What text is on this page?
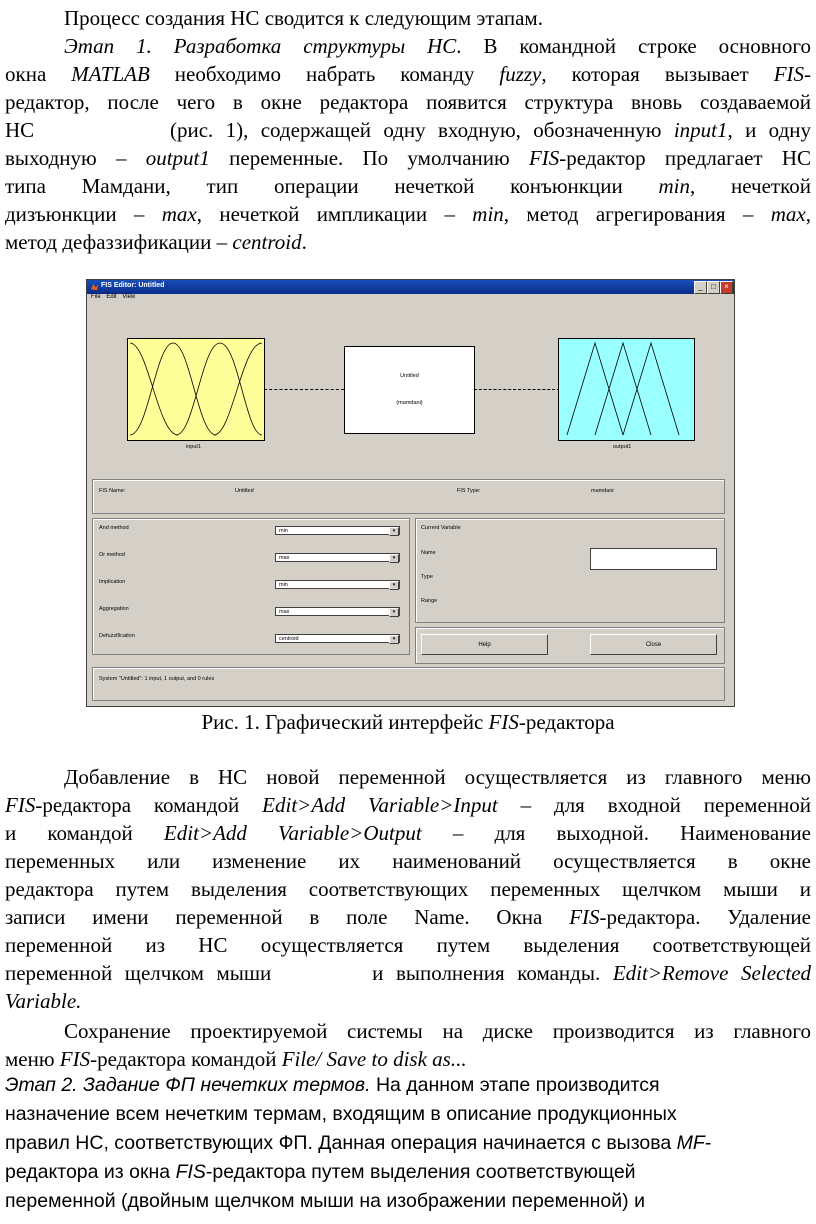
Процесс создания НС сводится к следующим этапам.

Этап 1. Разработка структуры НС. В командной строке основного

окна MATLAB необходимо набрать команду fuzzy, которая вызывает FIS-

редактор, после чего в окне редактора появится структура вновь создаваемой

НС           (рис. 1), содержащей одну входную, обозначенную input1, и одну

выходную – output1 переменные. По умолчанию FIS-редактор предлагает НС

типа Мамдани, тип операции нечеткой конъюнкции min, нечеткой

дизъюнкции – max, нечеткой импликации – min, метод агрегирования – max,

метод дефаззификации – centroid.

FIS Editor: Untitled	_	□	×
File Edit View
input1
Untitled
(mamdani)
output1
FIS Name:	Untitled	FIS Type:	mamdani
And method	min	▾
Or method	max	▾
Implication	min	▾
Aggregation	max	▾
Defuzzification	centroid	▾
Current Variable
Name
Type
Range
Help	Close
System "Untitled": 1 input, 1 output, and 0 rules
Рис. 1. Графический интерфейс FIS-редактора

Добавление в НС новой переменной осуществляется из главного меню

FIS-редактора командой Edit>Add Variable>Input – для входной переменной

и командой Edit>Add Variable>Output – для выходной. Наименование

переменных или изменение их наименований осуществляется в окне

редактора путем выделения соответствующих переменных щелчком мыши и

записи имени переменной в поле Name. Окна FIS-редактора. Удаление

переменной из НС осуществляется путем выделения соответствующей

переменной щелчком мыши        и выполнения команды. Edit>Remove Selected

Variable.

Сохранение проектируемой системы на диске производится из главного

меню FIS-редактора командой File/ Save to disk as...

Этап 2. Задание ФП нечетких термов. На данном этапе производится

назначение всем нечетким термам, входящим в описание продукционных

правил НС, соответствующих ФП. Данная операция начинается с вызова MF-

редактора из окна FIS-редактора путем выделения соответствующей

переменной (двойным щелчком мыши на изображении переменной) и
